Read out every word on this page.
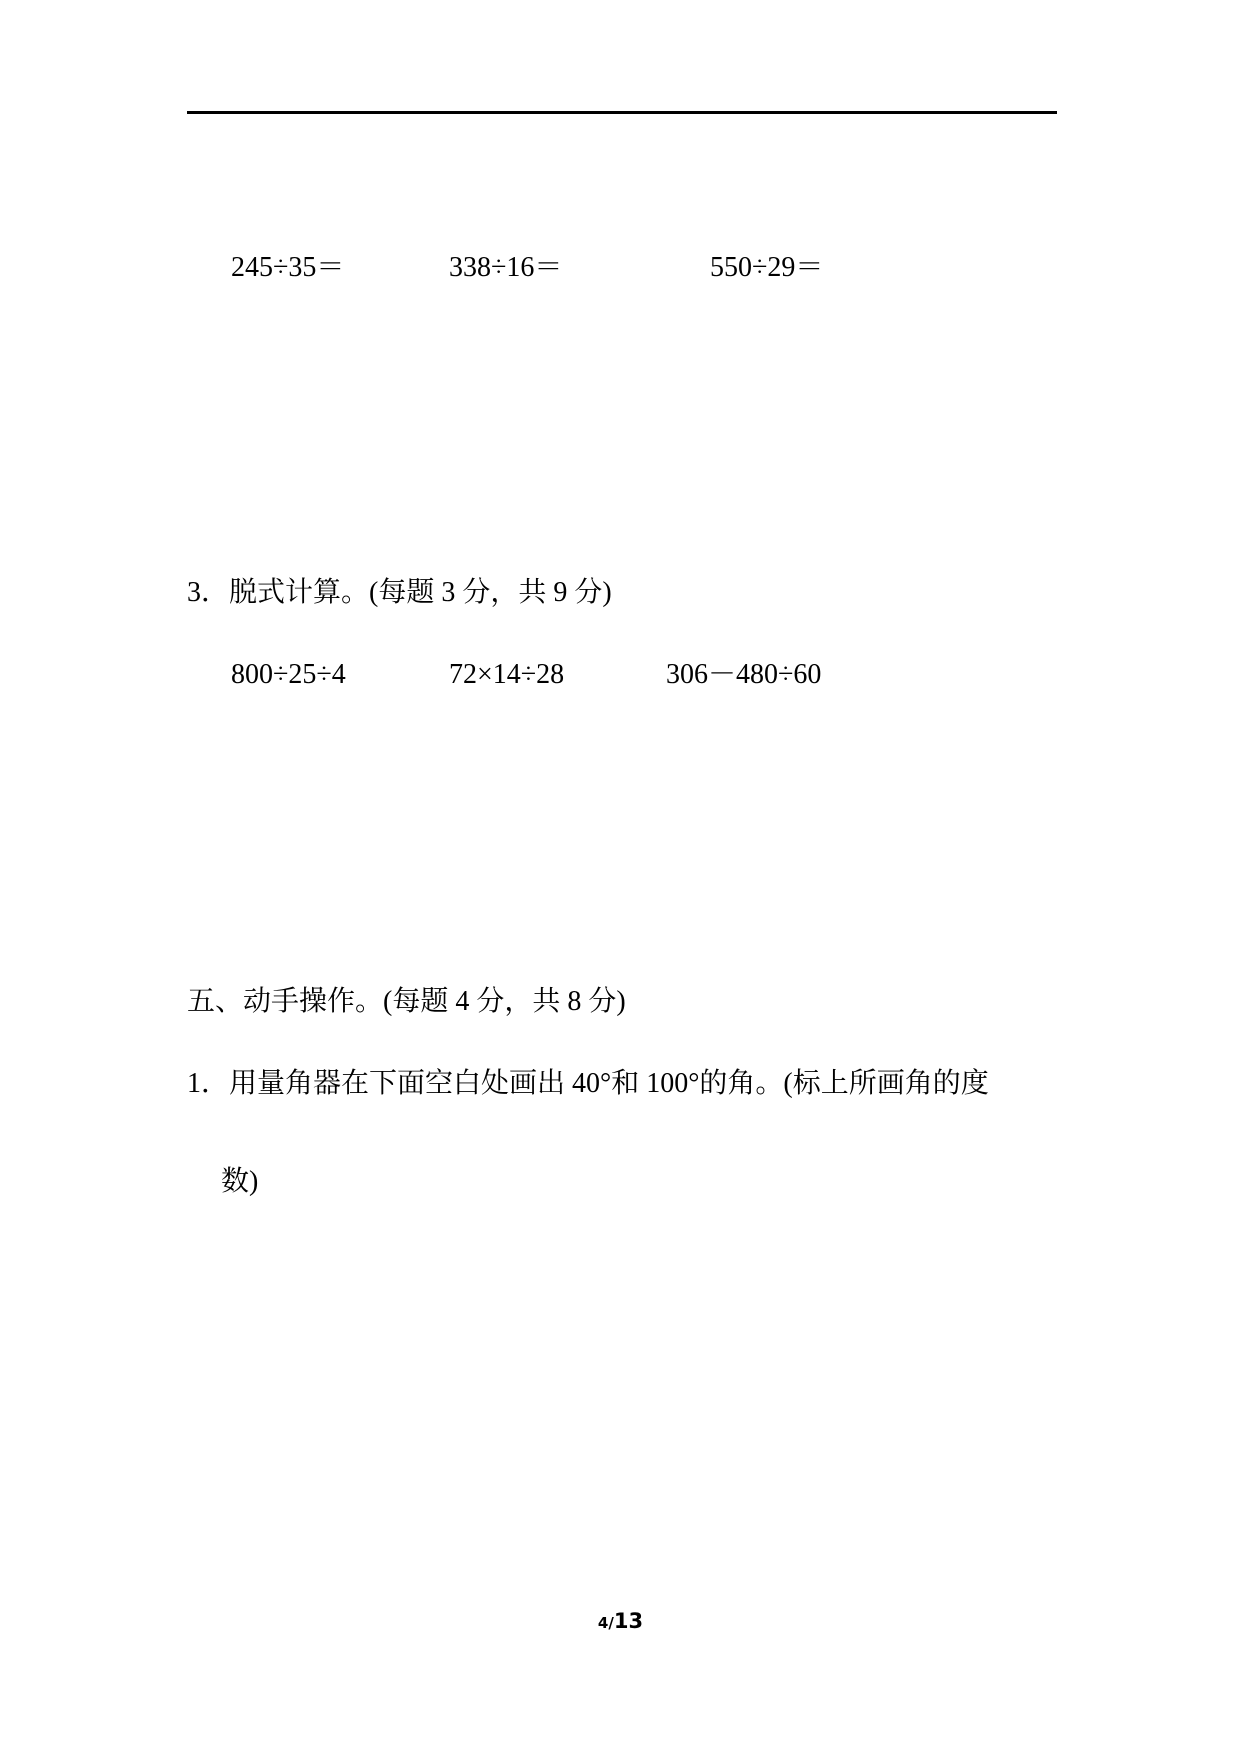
245÷35＝	338÷16＝	550÷29＝
3．脱式计算。(每题 3 分，共 9 分)
800÷25÷4	72×14÷28	306－480÷60
五、动手操作。(每题 4 分，共 8 分)
1．用量角器在下面空白处画出 40°和 100°的角。(标上所画角的度
数)
4/13
